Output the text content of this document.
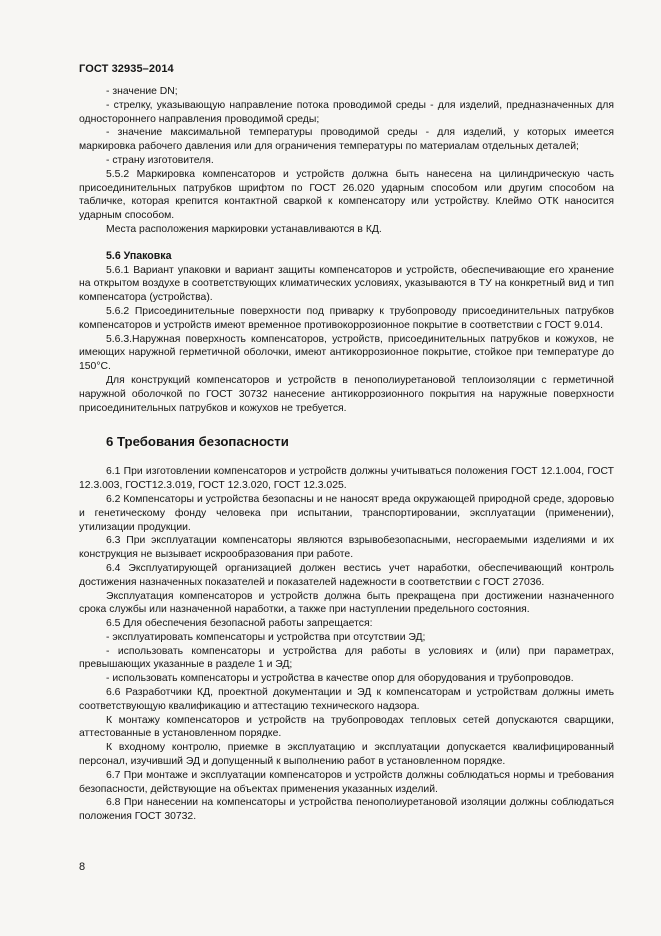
ГОСТ 32935–2014

- значение DN;

- стрелку, указывающую направление потока проводимой среды - для изделий, предназначенных для одностороннего направления проводимой среды;

- значение максимальной температуры проводимой среды - для изделий, у которых имеется маркировка рабочего давления или для ограничения температуры по материалам отдельных деталей;

- страну изготовителя.

5.5.2 Маркировка компенсаторов и устройств должна быть нанесена на цилиндрическую часть присоединительных патрубков шрифтом по ГОСТ 26.020 ударным способом или другим способом на табличке, которая крепится контактной сваркой к компенсатору или устройству. Клеймо ОТК наносится ударным способом.

Места расположения маркировки устанавливаются в КД.

5.6 Упаковка

5.6.1 Вариант упаковки и вариант защиты компенсаторов и устройств, обеспечивающие его хранение на открытом воздухе в соответствующих климатических условиях, указываются в ТУ на конкретный вид и тип компенсатора (устройства).

5.6.2 Присоединительные поверхности под приварку к трубопроводу присоединительных патрубков компенсаторов и устройств имеют временное противокоррозионное покрытие в соответствии с ГОСТ 9.014.

5.6.3.Наружная поверхность компенсаторов, устройств, присоединительных патрубков и кожухов, не имеющих наружной герметичной оболочки, имеют антикоррозионное покрытие, стойкое при температуре до 150°С.

Для конструкций компенсаторов и устройств в пенополиуретановой теплоизоляции с герметичной наружной оболочкой по ГОСТ 30732 нанесение антикоррозионного покрытия на наружные поверхности присоединительных патрубков и кожухов не требуется.

6 Требования безопасности

6.1 При изготовлении компенсаторов и устройств должны учитываться положения ГОСТ 12.1.004, ГОСТ 12.3.003, ГОСТ12.3.019, ГОСТ 12.3.020, ГОСТ 12.3.025.

6.2 Компенсаторы и устройства безопасны и не наносят вреда окружающей природной среде, здоровью и генетическому фонду человека при испытании, транспортировании, эксплуатации (применении), утилизации продукции.

6.3 При эксплуатации компенсаторы являются взрывобезопасными, несгораемыми изделиями и их конструкция не вызывает искрообразования при работе.

6.4 Эксплуатирующей организацией должен вестись учет наработки, обеспечивающий контроль достижения назначенных показателей и показателей надежности в соответствии с ГОСТ 27036.

Эксплуатация компенсаторов и устройств должна быть прекращена при достижении назначенного срока службы или назначенной наработки, а также при наступлении предельного состояния.

6.5 Для обеспечения безопасной работы запрещается:

- эксплуатировать компенсаторы и устройства при отсутствии ЭД;

- использовать компенсаторы и устройства для работы в условиях и (или) при параметрах, превышающих указанные в разделе 1 и ЭД;

- использовать компенсаторы и устройства в качестве опор для оборудования и трубопроводов.

6.6 Разработчики КД, проектной документации и ЭД к компенсаторам и устройствам должны иметь соответствующую квалификацию и аттестацию технического надзора.

К монтажу компенсаторов и устройств на трубопроводах тепловых сетей допускаются сварщики, аттестованные в установленном порядке.

К входному контролю, приемке в эксплуатацию и эксплуатации допускается квалифицированный персонал, изучивший ЭД и допущенный к выполнению работ в установленном порядке.

6.7 При монтаже и эксплуатации компенсаторов и устройств должны соблюдаться нормы и требования безопасности, действующие на объектах применения указанных изделий.

6.8 При нанесении на компенсаторы и устройства пенополиуретановой изоляции должны соблюдаться положения ГОСТ 30732.

8
